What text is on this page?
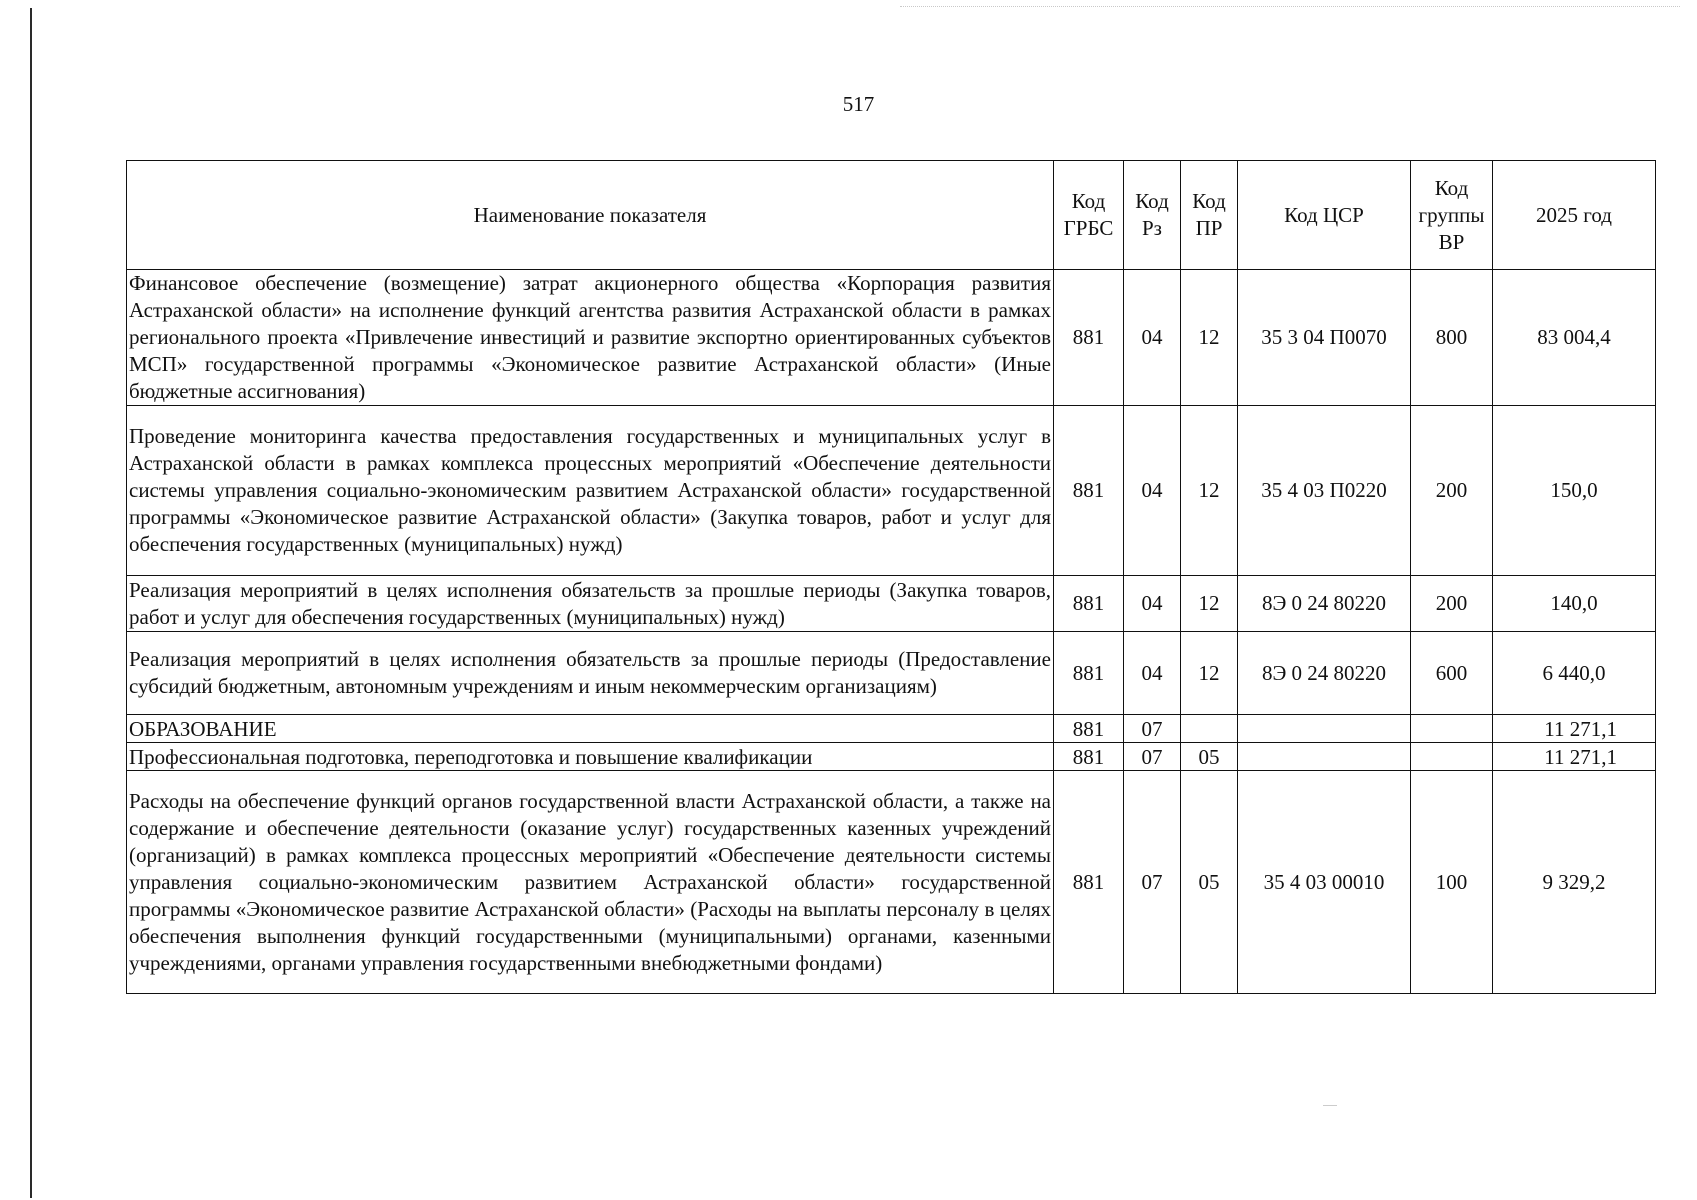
517
Наименование показателя	Код ГРБС	Код Рз	Код ПР	Код ЦСР	Код группы ВР	2025 год
Финансовое обеспечение (возмещение) затрат акционерного общества «Корпорация развития Астраханской области» на исполнение функций агентства развития Астраханской области в рамках регионального проекта «Привлечение инвестиций и развитие экспортно ориентированных субъектов МСП» государственной программы «Экономическое развитие Астраханской области» (Иные бюджетные ассигнования)	881	04	12	35 3 04 П0070	800	83 004,4
Проведение мониторинга качества предоставления государственных и муниципальных услуг в Астраханской области в рамках комплекса процессных мероприятий «Обеспечение деятельности системы управления социально-экономическим развитием Астраханской области» государственной программы «Экономическое развитие Астраханской области» (Закупка товаров, работ и услуг для обеспечения государственных (муниципальных) нужд)	881	04	12	35 4 03 П0220	200	150,0
Реализация мероприятий в целях исполнения обязательств за прошлые периоды (Закупка товаров, работ и услуг для обеспечения государственных (муниципальных) нужд)	881	04	12	8Э 0 24 80220	200	140,0
Реализация мероприятий в целях исполнения обязательств за прошлые периоды (Предоставление субсидий бюджетным, автономным учреждениям и иным некоммерческим организациям)	881	04	12	8Э 0 24 80220	600	6 440,0
ОБРАЗОВАНИЕ	881	07				11 271,1
Профессиональная подготовка, переподготовка и повышение квалификации	881	07	05			11 271,1
Расходы на обеспечение функций органов государственной власти Астраханской области, а также на содержание и обеспечение деятельности (оказание услуг) государственных казенных учреждений (организаций) в рамках комплекса процессных мероприятий «Обеспечение деятельности системы управления социально-экономическим развитием Астраханской области» государственной программы «Экономическое развитие Астраханской области» (Расходы на выплаты персоналу в целях обеспечения выполнения функций государственными (муниципальными) органами, казенными учреждениями, органами управления государственными внебюджетными фондами)	881	07	05	35 4 03 00010	100	9 329,2
